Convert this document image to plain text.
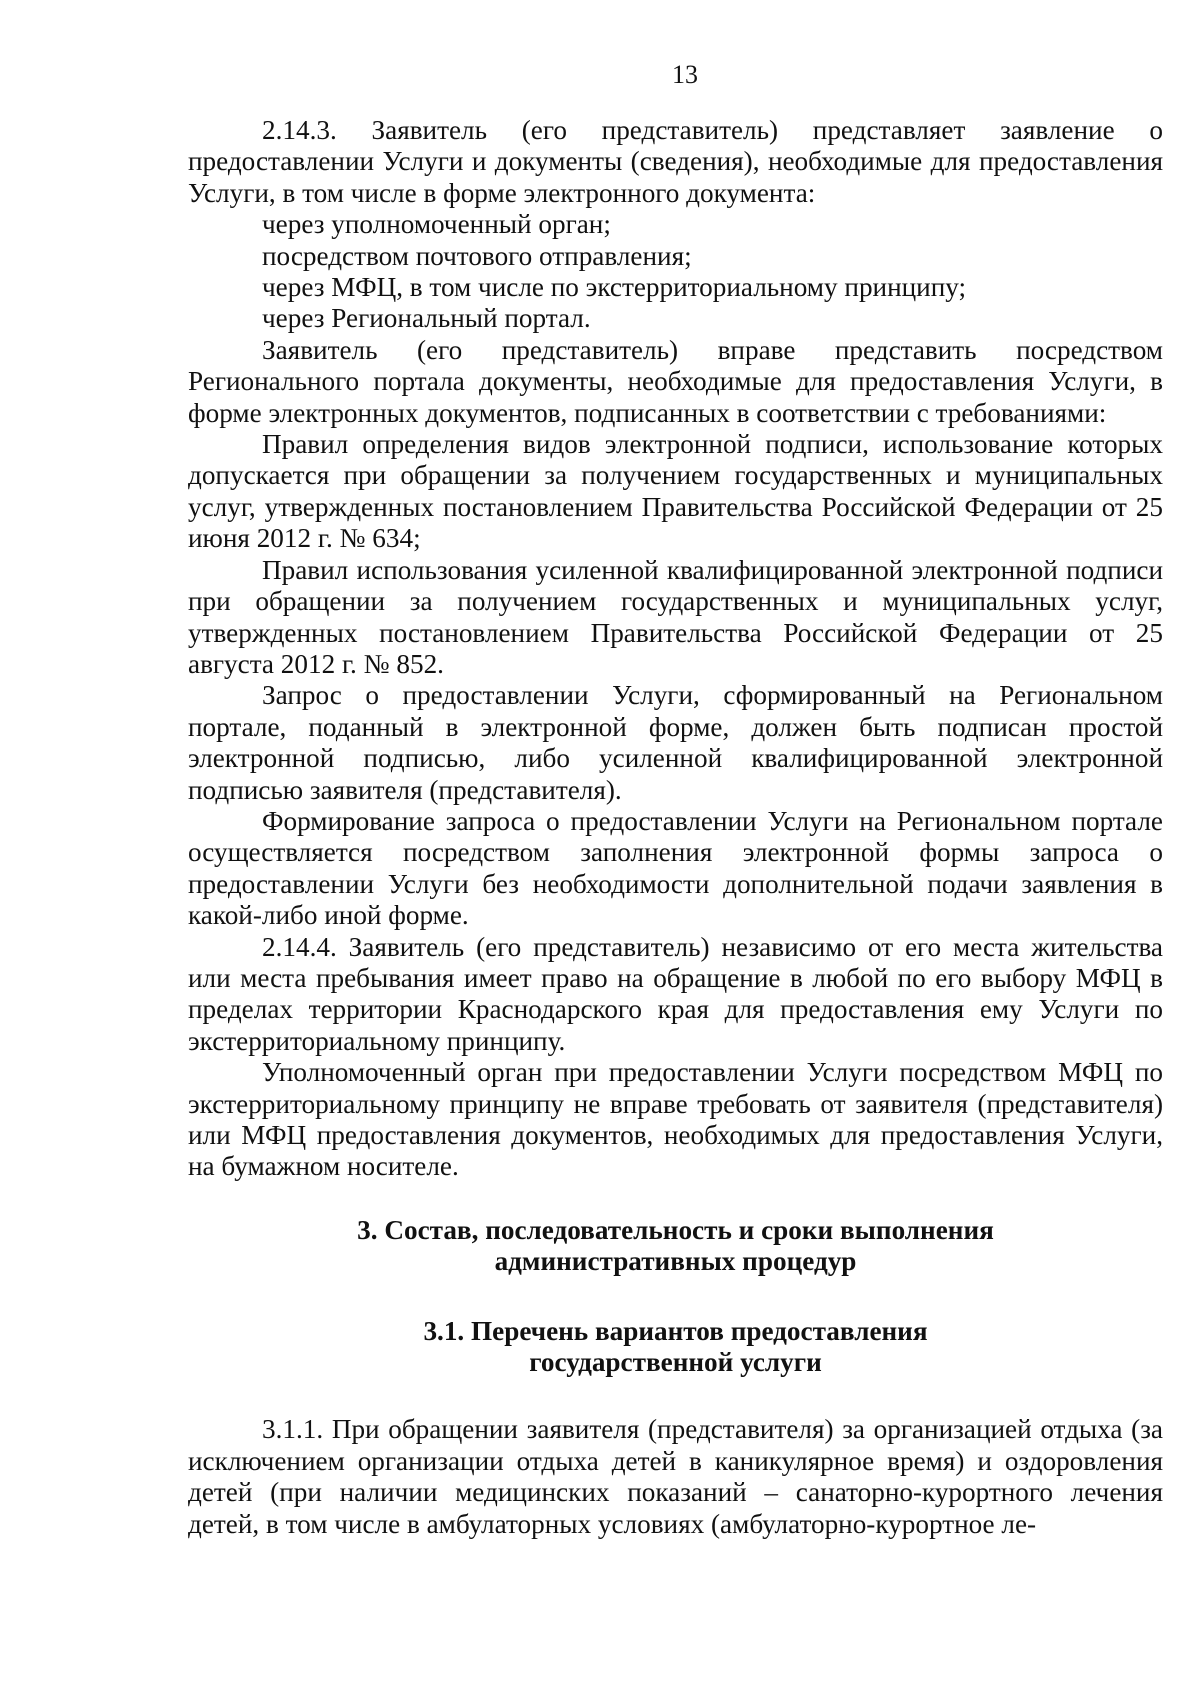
13

2.14.3. Заявитель (его представитель) представляет заявление о предоставлении Услуги и документы (сведения), необходимые для предоставления Услуги, в том числе в форме электронного документа:

через уполномоченный орган;

посредством почтового отправления;

через МФЦ, в том числе по экстерриториальному принципу;

через Региональный портал.

Заявитель (его представитель) вправе представить посредством Регионального портала документы, необходимые для предоставления Услуги, в форме электронных документов, подписанных в соответствии с требованиями:

Правил определения видов электронной подписи, использование которых допускается при обращении за получением государственных и муниципальных услуг, утвержденных постановлением Правительства Российской Федерации от 25 июня 2012 г. № 634;

Правил использования усиленной квалифицированной электронной подписи при обращении за получением государственных и муниципальных услуг, утвержденных постановлением Правительства Российской Федерации от 25 августа 2012 г. № 852.

Запрос о предоставлении Услуги, сформированный на Региональном портале, поданный в электронной форме, должен быть подписан простой электронной подписью, либо усиленной квалифицированной электронной подписью заявителя (представителя).

Формирование запроса о предоставлении Услуги на Региональном портале осуществляется посредством заполнения электронной формы запроса о предоставлении Услуги без необходимости дополнительной подачи заявления в какой-либо иной форме.

2.14.4. Заявитель (его представитель) независимо от его места жительства или места пребывания имеет право на обращение в любой по его выбору МФЦ в пределах территории Краснодарского края для предоставления ему Услуги по экстерриториальному принципу.

Уполномоченный орган при предоставлении Услуги посредством МФЦ по экстерриториальному принципу не вправе требовать от заявителя (представителя) или МФЦ предоставления документов, необходимых для предоставления Услуги, на бумажном носителе.

3. Состав, последовательность и сроки выполнения

административных процедур

3.1. Перечень вариантов предоставления

государственной услуги

3.1.1. При обращении заявителя (представителя) за организацией отдыха (за исключением организации отдыха детей в каникулярное время) и оздоровления детей (при наличии медицинских показаний – санаторно-курортного лечения детей, в том числе в амбулаторных условиях (амбулаторно-курортное ле-
